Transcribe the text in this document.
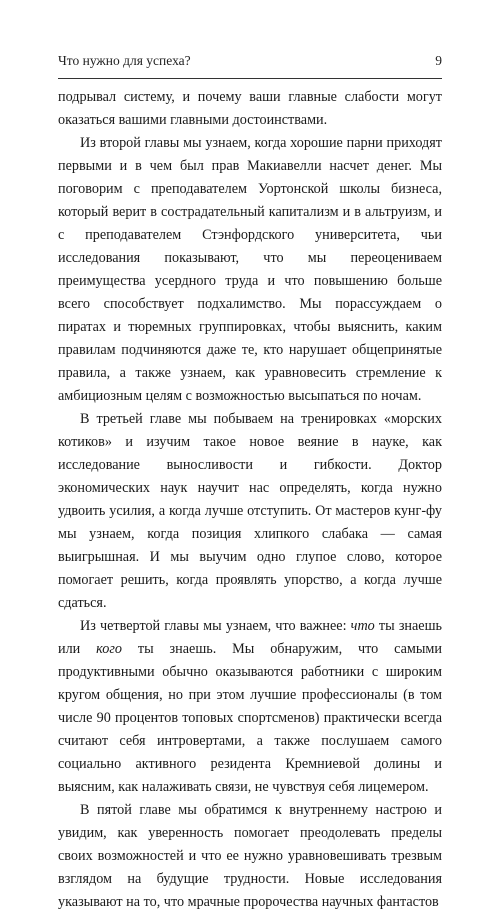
Что нужно для успеха?	9

подрывал систему, и почему ваши главные слабости могут оказаться вашими главными достоинствами.

Из второй главы мы узнаем, когда хорошие парни приходят первыми и в чем был прав Макиавелли насчет денег. Мы поговорим с преподавателем Уортонской школы бизнеса, который верит в сострадательный капитализм и в альтруизм, и с преподавателем Стэнфордского университета, чьи исследования показывают, что мы переоцениваем преимущества усердного труда и что повышению больше всего способствует подхалимство. Мы порассуждаем о пиратах и тюремных группировках, чтобы выяснить, каким правилам подчиняются даже те, кто нарушает общепринятые правила, а также узнаем, как уравновесить стремление к амбициозным целям с возможностью высыпаться по ночам.

В третьей главе мы побываем на тренировках «морских котиков» и изучим такое новое веяние в науке, как исследование выносливости и гибкости. Доктор экономических наук научит нас определять, когда нужно удвоить усилия, а когда лучше отступить. От мастеров кунг-фу мы узнаем, когда позиция хлипкого слабака — самая выигрышная. И мы выучим одно глупое слово, которое помогает решить, когда проявлять упорство, а когда лучше сдаться.

Из четвертой главы мы узнаем, что важнее: что ты знаешь или кого ты знаешь. Мы обнаружим, что самыми продуктивными обычно оказываются работники с широким кругом общения, но при этом лучшие профессионалы (в том числе 90 процентов топовых спортсменов) практически всегда считают себя интровертами, а также послушаем самого социально активного резидента Кремниевой долины и выясним, как налаживать связи, не чувствуя себя лицемером.

В пятой главе мы обратимся к внутреннему настрою и увидим, как уверенность помогает преодолевать пределы своих возможностей и что ее нужно уравновешивать трезвым взглядом на будущие трудности. Новые исследования указывают на то, что мрачные пророчества научных фантастов
